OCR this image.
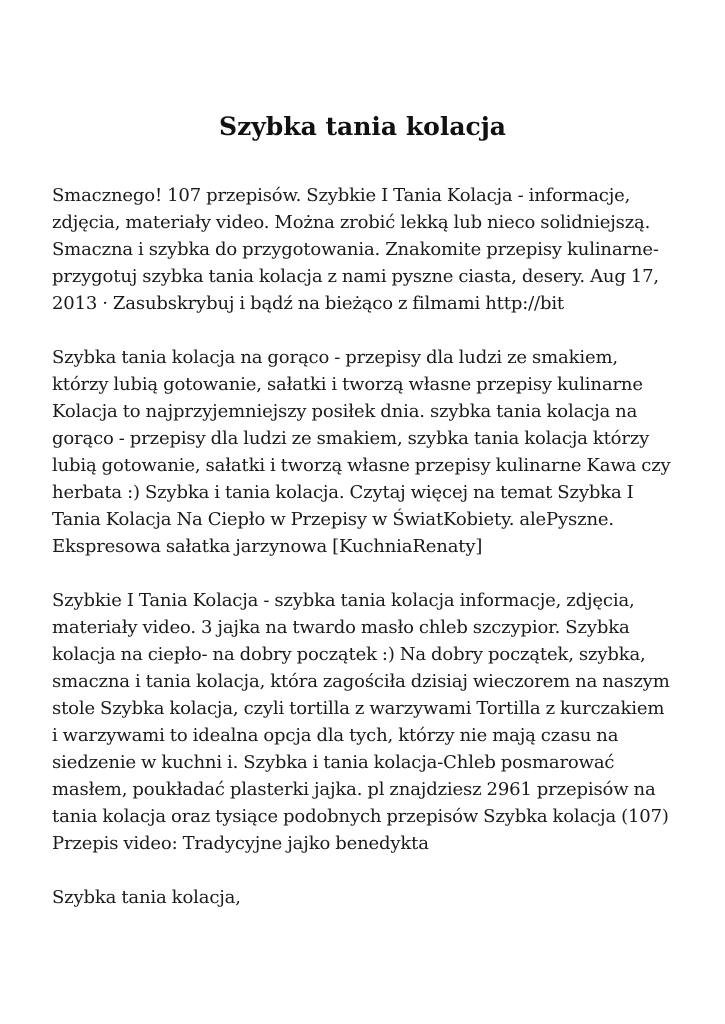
Szybka tania kolacja

Smacznego! 107 przepisów. Szybkie I Tania Kolacja - informacje, zdjęcia, materiały video. Można zrobić lekką lub nieco solidniejszą. Smaczna i szybka do przygotowania. Znakomite przepisy kulinarne-przygotuj szybka tania kolacja z nami pyszne ciasta, desery. Aug 17, 2013 · Zasubskrybuj i bądź na bieżąco z filmami http://bit

Szybka tania kolacja na gorąco - przepisy dla ludzi ze smakiem, którzy lubią gotowanie, sałatki i tworzą własne przepisy kulinarne Kolacja to najprzyjemniejszy posiłek dnia. szybka tania kolacja na gorąco - przepisy dla ludzi ze smakiem, szybka tania kolacja którzy lubią gotowanie, sałatki i tworzą własne przepisy kulinarne Kawa czy herbata :) Szybka i tania kolacja. Czytaj więcej na temat Szybka I Tania Kolacja Na Ciepło w Przepisy w ŚwiatKobiety. alePyszne. Ekspresowa sałatka jarzynowa [KuchniaRenaty]

Szybkie I Tania Kolacja - szybka tania kolacja informacje, zdjęcia, materiały video. 3 jajka na twardo masło chleb szczypior. Szybka kolacja na ciepło- na dobry początek :) Na dobry początek, szybka, smaczna i tania kolacja, która zagościła dzisiaj wieczorem na naszym stole Szybka kolacja, czyli tortilla z warzywami Tortilla z kurczakiem i warzywami to idealna opcja dla tych, którzy nie mają czasu na siedzenie w kuchni i. Szybka i tania kolacja-Chleb posmarować masłem, poukładać plasterki jajka. pl znajdziesz 2961 przepisów na tania kolacja oraz tysiące podobnych przepisów Szybka kolacja (107) Przepis video: Tradycyjne jajko benedykta

Szybka tania kolacja,
